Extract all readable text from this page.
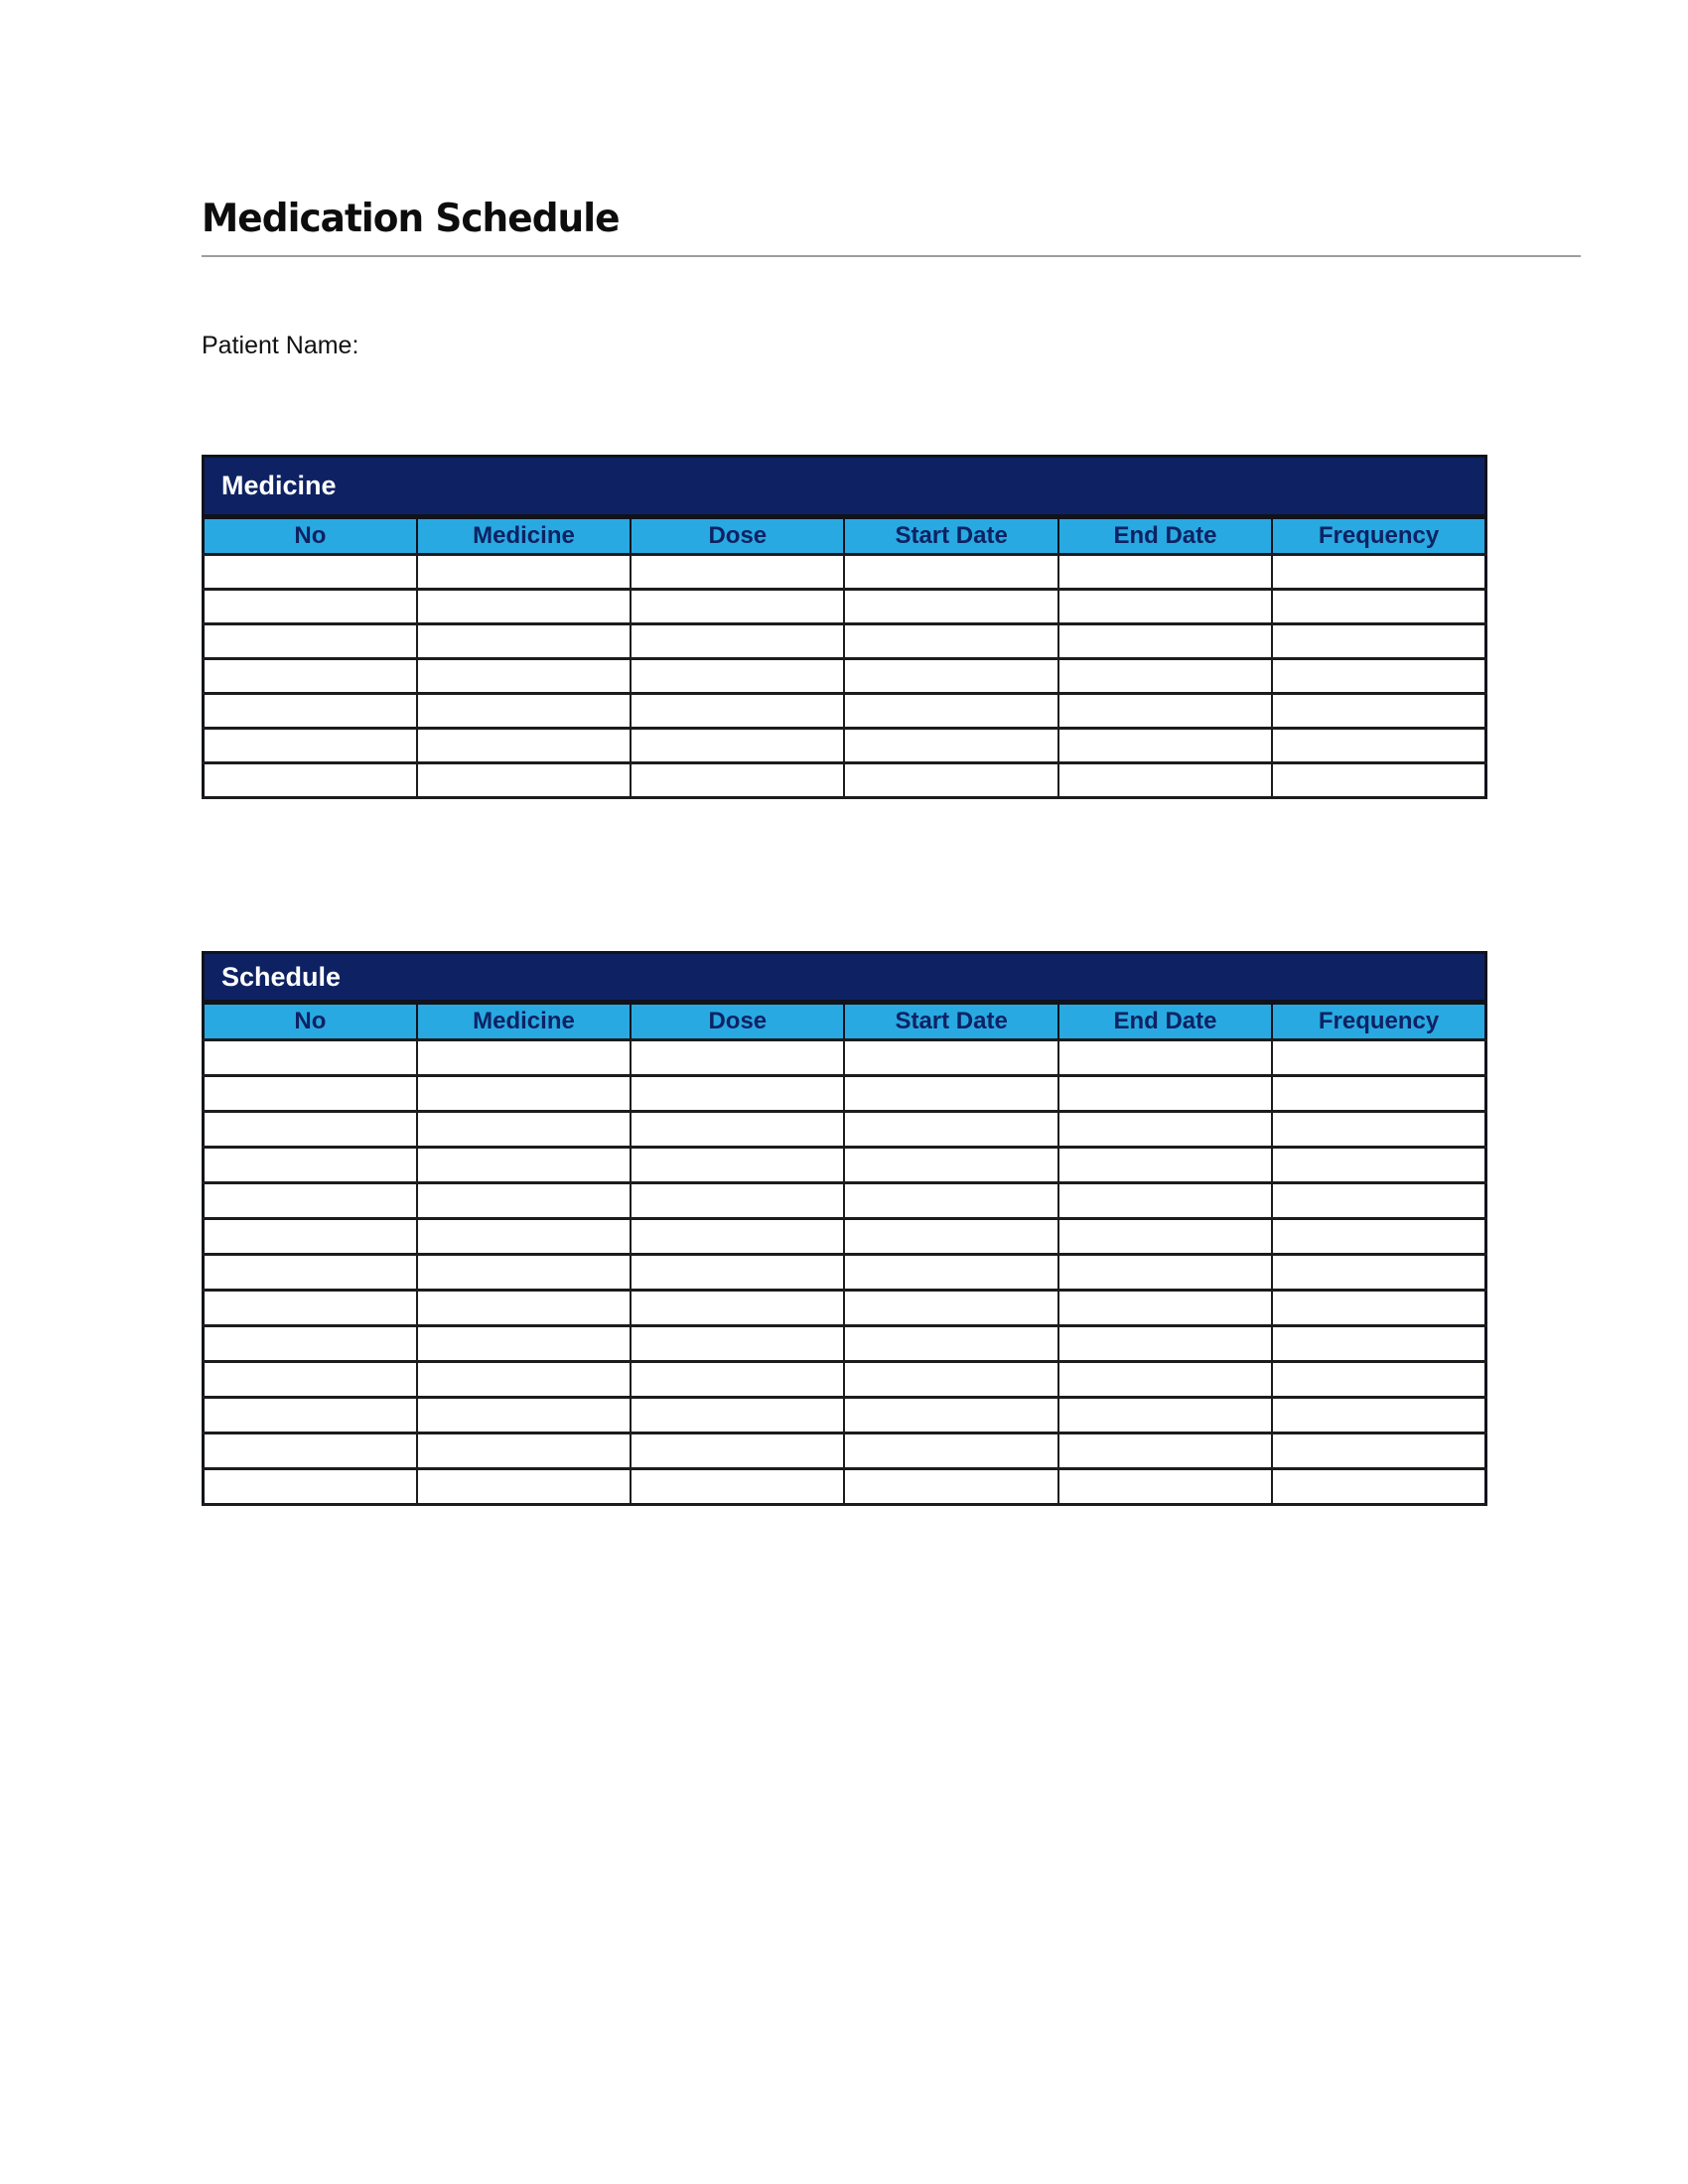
Medication Schedule
Patient Name:
Medicine
No	Medicine	Dose	Start Date	End Date	Frequency

Schedule
No	Medicine	Dose	Start Date	End Date	Frequency
